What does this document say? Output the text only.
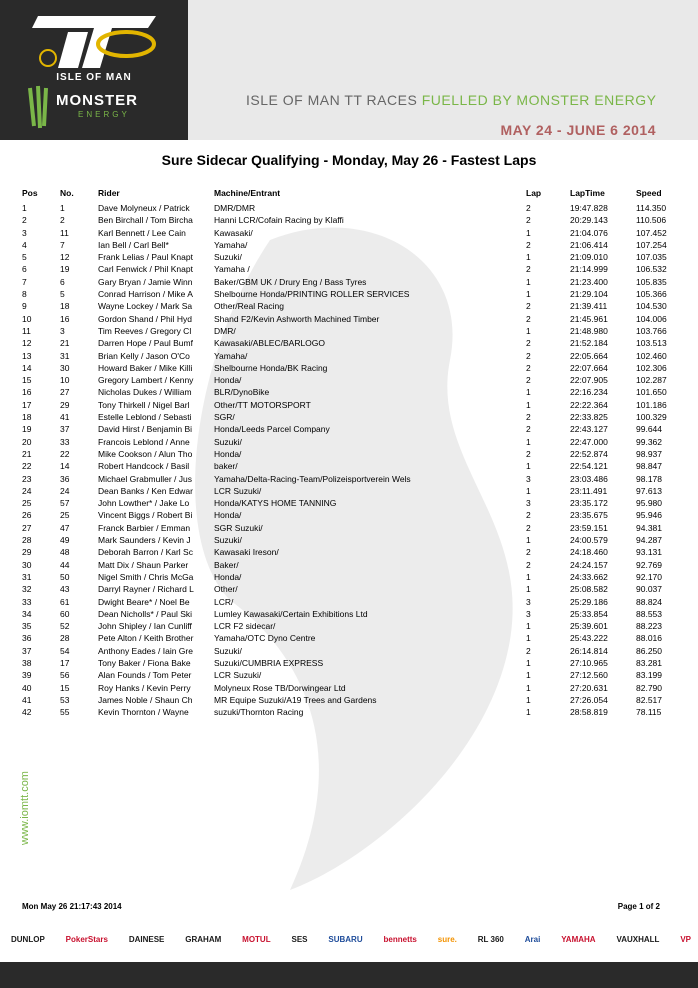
ISLE OF MAN
MONSTER
ENERGY
ISLE OF MAN TT RACES FUELLED BY MONSTER ENERGY
MAY 24 - JUNE 6 2014
Sure Sidecar Qualifying - Monday, May 26 - Fastest Laps
Pos	No.	Rider	Machine/Entrant	Lap	LapTime	Speed
1	1	Dave Molyneux / Patrick	DMR/DMR	2	19:47.828	114.350
2	2	Ben Birchall / Tom Bircha	Hanni LCR/Cofain Racing by Klaffi	2	20:29.143	110.506
3	11	Karl Bennett / Lee Cain	Kawasaki/	1	21:04.076	107.452
4	7	Ian Bell / Carl Bell*	Yamaha/	2	21:06.414	107.254
5	12	Frank Lelias / Paul Knapt	Suzuki/	1	21:09.010	107.035
6	19	Carl Fenwick / Phil Knapt	Yamaha /	2	21:14.999	106.532
7	6	Gary Bryan / Jamie Winn	Baker/GBM UK / Drury Eng / Bass Tyres	1	21:23.400	105.835
8	5	Conrad Harrison / Mike A	Shelbourne Honda/PRINTING ROLLER SERVICES	1	21:29.104	105.366
9	18	Wayne Lockey / Mark Sa	Other/Real Racing	2	21:39.411	104.530
10	16	Gordon Shand / Phil Hyd	Shand F2/Kevin Ashworth Machined Timber	2	21:45.961	104.006
11	3	Tim Reeves / Gregory Cl	DMR/	1	21:48.980	103.766
12	21	Darren Hope / Paul Bumf	Kawasaki/ABLEC/BARLOGO	2	21:52.184	103.513
13	31	Brian Kelly / Jason O'Co	Yamaha/	2	22:05.664	102.460
14	30	Howard Baker / Mike Killi	Shelbourne Honda/BK Racing	2	22:07.664	102.306
15	10	Gregory Lambert / Kenny	Honda/	2	22:07.905	102.287
16	27	Nicholas Dukes / William	BLR/DynoBike	1	22:16.234	101.650
17	29	Tony Thirkell / Nigel Barl	Other/TT MOTORSPORT	1	22:22.364	101.186
18	41	Estelle Leblond / Sebasti	SGR/	2	22:33.825	100.329
19	37	David Hirst / Benjamin Bi	Honda/Leeds Parcel Company	2	22:43.127	99.644
20	33	Francois Leblond / Anne	Suzuki/	1	22:47.000	99.362
21	22	Mike Cookson / Alun Tho	Honda/	2	22:52.874	98.937
22	14	Robert Handcock / Basil	baker/	1	22:54.121	98.847
23	36	Michael Grabmuller / Jus	Yamaha/Delta-Racing-Team/Polizeisportverein Wels	3	23:03.486	98.178
24	24	Dean Banks / Ken Edwar	LCR Suzuki/	1	23:11.491	97.613
25	57	John Lowther* / Jake Lo	Honda/KATYS HOME TANNING	3	23:35.172	95.980
26	25	Vincent Biggs / Robert Bi	Honda/	2	23:35.675	95.946
27	47	Franck Barbier / Emman	SGR Suzuki/	2	23:59.151	94.381
28	49	Mark Saunders / Kevin J	Suzuki/	1	24:00.579	94.287
29	48	Deborah Barron / Karl Sc	Kawasaki Ireson/	2	24:18.460	93.131
30	44	Matt Dix / Shaun Parker	Baker/	2	24:24.157	92.769
31	50	Nigel Smith / Chris McGa	Honda/	1	24:33.662	92.170
32	43	Darryl Rayner / Richard L	Other/	1	25:08.582	90.037
33	61	Dwight Beare* / Noel Be	LCR/	3	25:29.186	88.824
34	60	Dean Nicholls* / Paul Ski	Lumley Kawasaki/Certain Exhibitions Ltd	3	25:33.854	88.553
35	52	John Shipley / Ian Cunliff	LCR F2 sidecar/	1	25:39.601	88.223
36	28	Pete Alton / Keith Brother	Yamaha/OTC Dyno Centre	1	25:43.222	88.016
37	54	Anthony Eades / Iain Gre	Suzuki/	2	26:14.814	86.250
38	17	Tony Baker / Fiona Bake	Suzuki/CUMBRIA EXPRESS	1	27:10.965	83.281
39	56	Alan Founds / Tom Peter	LCR Suzuki/	1	27:12.560	83.199
40	15	Roy Hanks / Kevin Perry	Molyneux Rose TB/Dorwingear Ltd	1	27:20.631	82.790
41	53	James Noble / Shaun Ch	MR Equipe Suzuki/A19 Trees and Gardens	1	27:26.054	82.517
42	55	Kevin Thornton / Wayne	suzuki/Thornton Racing	1	28:58.819	78.115
www.iomtt.com
Mon May 26 21:17:43 2014	Page 1 of 2
DUNLOP	PokerStars	DAINESE	GRAHAM	MOTUL	SES	SUBARU	bennetts	sure.	RL 360	Arai	YAMAHA	VAUXHALL	VP
